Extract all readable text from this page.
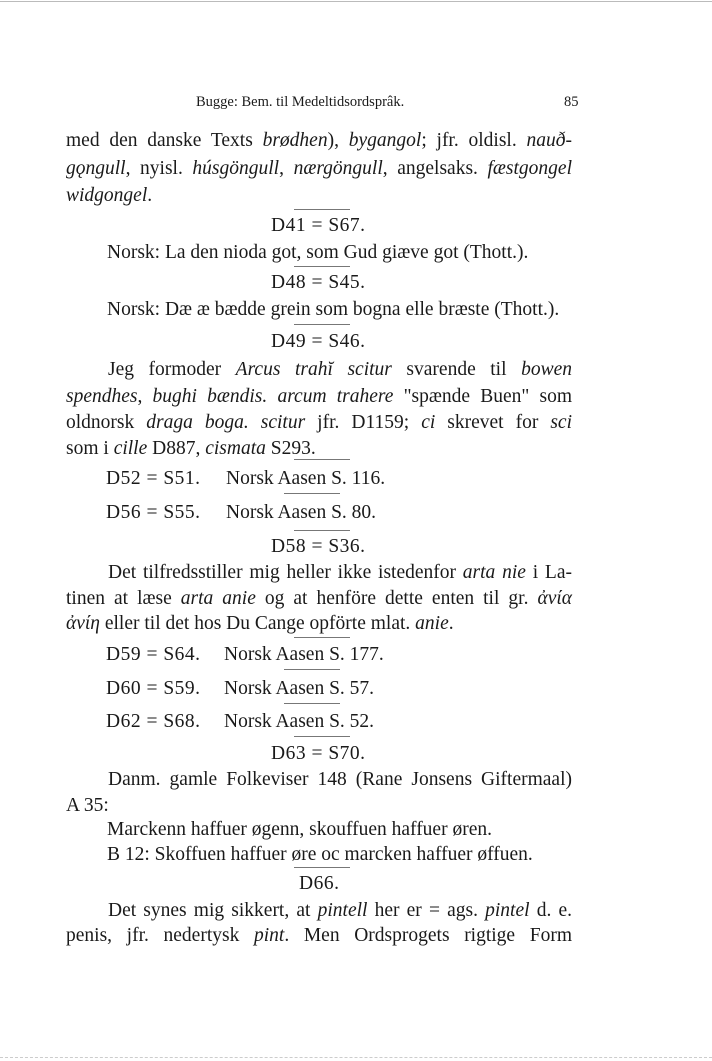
Bugge: Bem. til Medeltidsordsprâk.	85
med den danske Texts brødhen), bygangol; jfr. oldisl. nauð-
gǫngull, nyisl. húsgöngull, nærgöngull, angelsaks. fæstgongel
widgongel.
D41 = S67.
Norsk: La den nioda got, som Gud giæve got (Thott.).
D48 = S45.
Norsk: Dæ æ bædde grein som bogna elle bræste (Thott.).
D49 = S46.
Jeg formoder Arcus trahĭ scitur svarende til bowen
spendhes, bughi bændis. arcum trahere "spænde Buen" som
oldnorsk draga boga. scitur jfr. D1159; ci skrevet for sci
som i cille D887, cismata S293.
D52 = S51. Norsk Aasen S. 116.
D56 = S55. Norsk Aasen S. 80.
D58 = S36.
Det tilfredsstiller mig heller ikke istedenfor arta nie i La-
tinen at læse arta anie og at henföre dette enten til gr. ἀνία
ἀνίη eller til det hos Du Cange opförte mlat. anie.
D59 = S64. Norsk Aasen S. 177.
D60 = S59. Norsk Aasen S. 57.
D62 = S68. Norsk Aasen S. 52.
D63 = S70.
Danm. gamle Folkeviser 148 (Rane Jonsens Giftermaal)
A 35:
Marckenn haffuer øgenn, skouffuen haffuer øren.
B 12: Skoffuen haffuer øre oc marcken haffuer øffuen.
D66.
Det synes mig sikkert, at pintell her er = ags. pintel d. e.
penis, jfr. nedertysk pint. Men Ordsprogets rigtige Form
